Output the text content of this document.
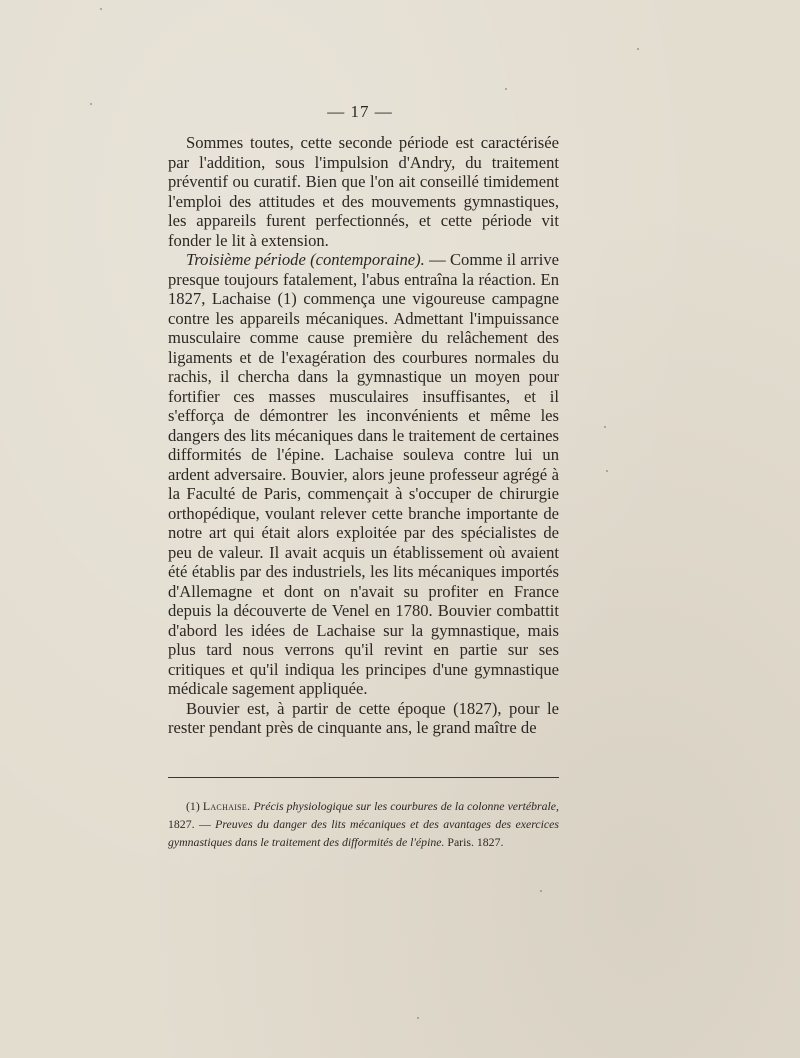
— 17 —

Sommes toutes, cette seconde période est caractérisée par l'addition, sous l'impulsion d'Andry, du traitement préventif ou curatif. Bien que l'on ait conseillé timidement l'emploi des attitudes et des mouvements gymnastiques, les appareils furent perfectionnés, et cette période vit fonder le lit à extension.

Troisième période (contemporaine). — Comme il arrive presque toujours fatalement, l'abus entraîna la réaction. En 1827, Lachaise (1) commença une vigoureuse campagne contre les appareils mécaniques. Admettant l'impuissance musculaire comme cause première du relâchement des ligaments et de l'exagération des courbures normales du rachis, il chercha dans la gymnastique un moyen pour fortifier ces masses musculaires insuffisantes, et il s'efforça de démontrer les inconvénients et même les dangers des lits mécaniques dans le traitement de certaines difformités de l'épine. Lachaise souleva contre lui un ardent adversaire. Bouvier, alors jeune professeur agrégé à la Faculté de Paris, commençait à s'occuper de chirurgie orthopédique, voulant relever cette branche importante de notre art qui était alors exploitée par des spécialistes de peu de valeur. Il avait acquis un établissement où avaient été établis par des industriels, les lits mécaniques importés d'Allemagne et dont on n'avait su profiter en France depuis la découverte de Venel en 1780. Bouvier combattit d'abord les idées de Lachaise sur la gymnastique, mais plus tard nous verrons qu'il revint en partie sur ses critiques et qu'il indiqua les principes d'une gymnastique médicale sagement appliquée.

Bouvier est, à partir de cette époque (1827), pour le rester pendant près de cinquante ans, le grand maître de

(1) Lachaise. Précis physiologique sur les courbures de la colonne vertébrale, 1827. — Preuves du danger des lits mécaniques et des avantages des exercices gymnastiques dans le traitement des difformités de l'épine. Paris. 1827.
